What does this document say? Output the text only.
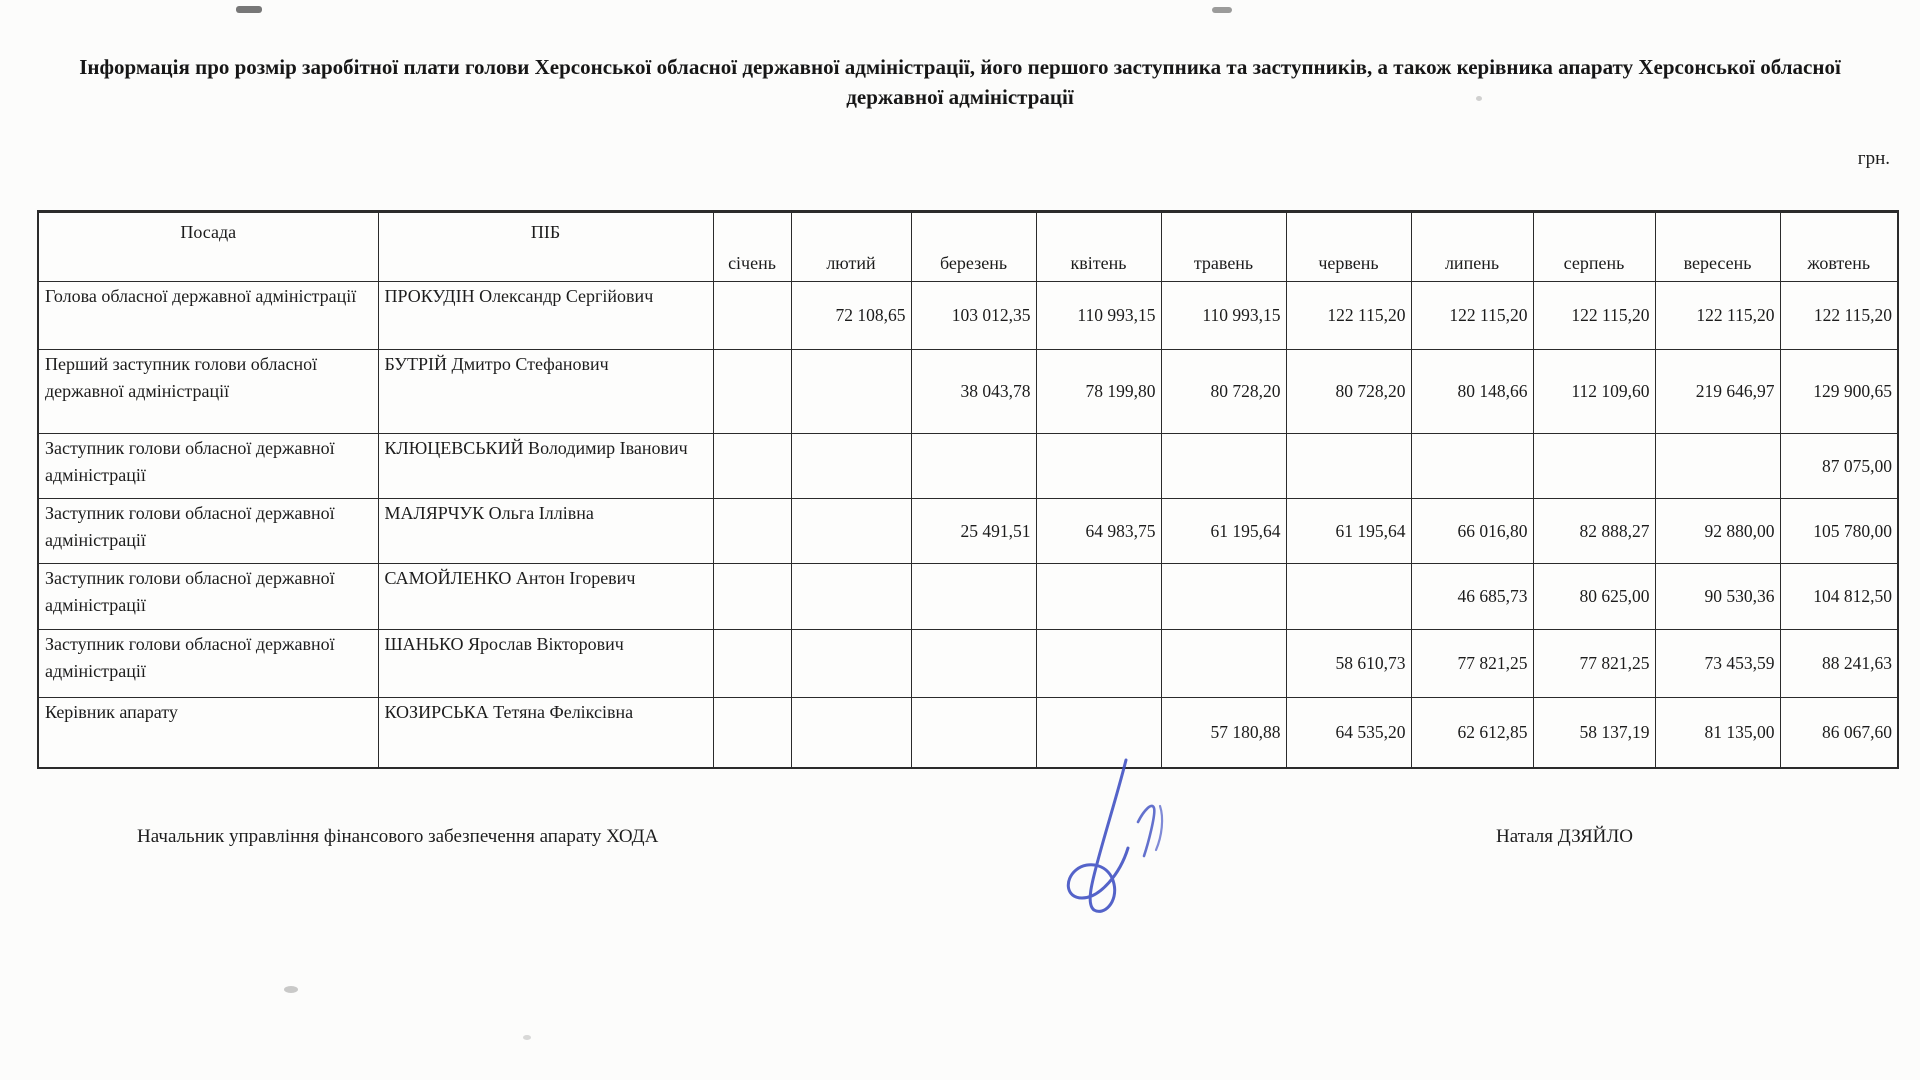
Інформація про розмір заробітної плати голови Херсонської обласної державної адміністрації, його першого заступника та заступників, а також керівника апарату Херсонської обласної державної адміністрації
грн.
Посада	ПІБ	січень	лютий	березень	квітень	травень	червень	липень	серпень	вересень	жовтень
Голова обласної державної адміністрації	ПРОКУДІН Олександр Сергійович		72 108,65	103 012,35	110 993,15	110 993,15	122 115,20	122 115,20	122 115,20	122 115,20	122 115,20
Перший заступник голови обласної державної адміністрації	БУТРІЙ Дмитро Стефанович			38 043,78	78 199,80	80 728,20	80 728,20	80 148,66	112 109,60	219 646,97	129 900,65
Заступник голови обласної державної адміністрації	КЛЮЦЕВСЬКИЙ Володимир Іванович										87 075,00
Заступник голови обласної державної адміністрації	МАЛЯРЧУК Ольга Іллівна			25 491,51	64 983,75	61 195,64	61 195,64	66 016,80	82 888,27	92 880,00	105 780,00
Заступник голови обласної державної адміністрації	САМОЙЛЕНКО Антон Ігоревич							46 685,73	80 625,00	90 530,36	104 812,50
Заступник голови обласної державної адміністрації	ШАНЬКО Ярослав Вікторович						58 610,73	77 821,25	77 821,25	73 453,59	88 241,63
Керівник апарату	КОЗИРСЬКА Тетяна Феліксівна					57 180,88	64 535,20	62 612,85	58 137,19	81 135,00	86 067,60
Начальник управління фінансового забезпечення апарату ХОДА	Наталя ДЗЯЙЛО
